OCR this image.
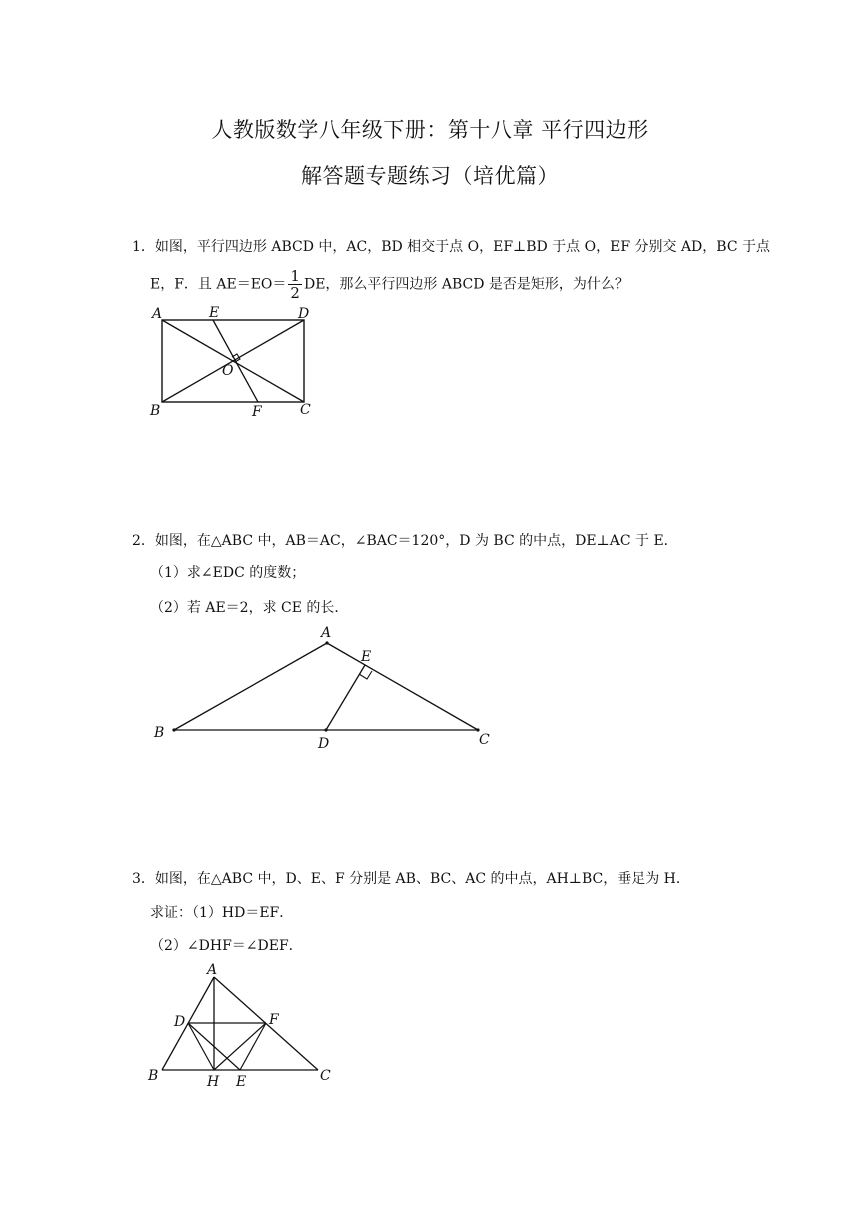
人教版数学八年级下册：第十八章 平行四边形
解答题专题练习（培优篇）
1．如图，平行四边形 ABCD 中，AC，BD 相交于点 O，EF⊥BD 于点 O，EF 分别交 AD，BC 于点
E，F．且 $AE=EO= \frac{1}{2}$ DE，那么平行四边形 ABCD 是否是矩形，为什么？
A	E	D
O
B	F	C
2．如图，在△ABC 中，AB＝AC，∠BAC＝120°，D 为 BC 的中点，DE⊥AC 于 E．
（1）求∠EDC 的度数；
（2）若 AE＝2，求 CE 的长．
A
E
B
D	C
3．如图，在△ABC 中，D、E、F 分别是 AB、BC、AC 的中点，AH⊥BC，垂足为 H．
求证：（1）HD＝EF．
（2）∠DHF＝∠DEF．
A
D	F
B	H E	C
